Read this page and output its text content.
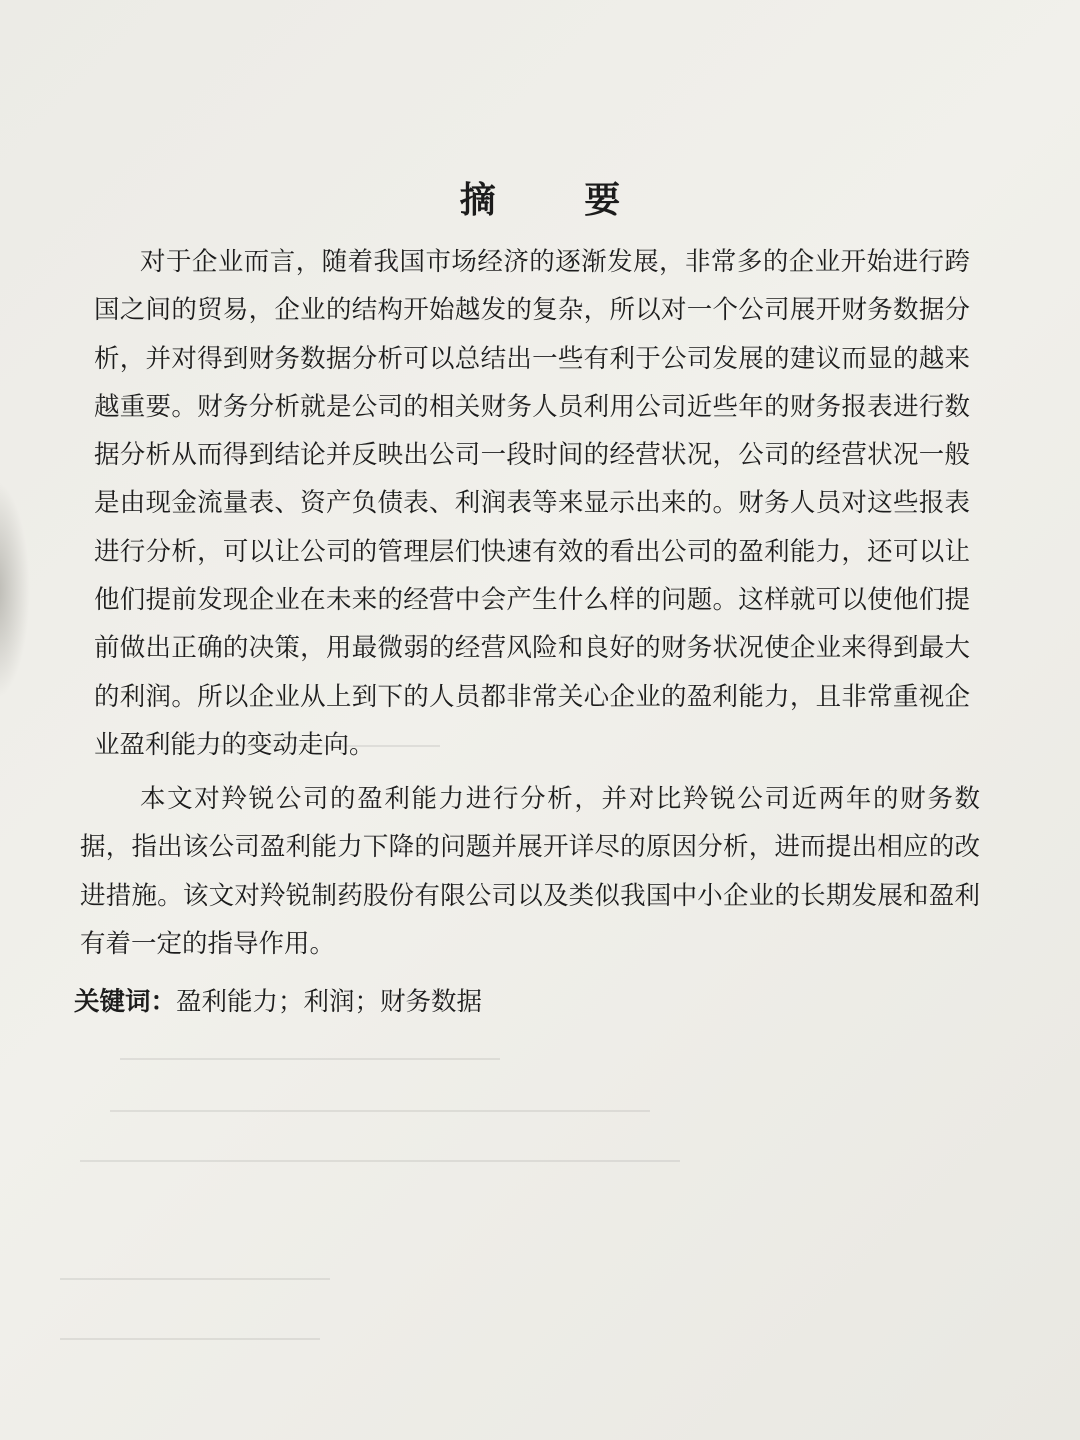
摘 要
对于企业而言，随着我国市场经济的逐渐发展，非常多的企业开始进行跨国之间的贸易，企业的结构开始越发的复杂，所以对一个公司展开财务数据分析，并对得到财务数据分析可以总结出一些有利于公司发展的建议而显的越来越重要。财务分析就是公司的相关财务人员利用公司近些年的财务报表进行数据分析从而得到结论并反映出公司一段时间的经营状况，公司的经营状况一般是由现金流量表、资产负债表、利润表等来显示出来的。财务人员对这些报表进行分析，可以让公司的管理层们快速有效的看出公司的盈利能力，还可以让他们提前发现企业在未来的经营中会产生什么样的问题。这样就可以使他们提前做出正确的决策，用最微弱的经营风险和良好的财务状况使企业来得到最大的利润。所以企业从上到下的人员都非常关心企业的盈利能力，且非常重视企业盈利能力的变动走向。
本文对羚锐公司的盈利能力进行分析，并对比羚锐公司近两年的财务数据，指出该公司盈利能力下降的问题并展开详尽的原因分析，进而提出相应的改进措施。该文对羚锐制药股份有限公司以及类似我国中小企业的长期发展和盈利有着一定的指导作用。
关键词：盈利能力；利润；财务数据
